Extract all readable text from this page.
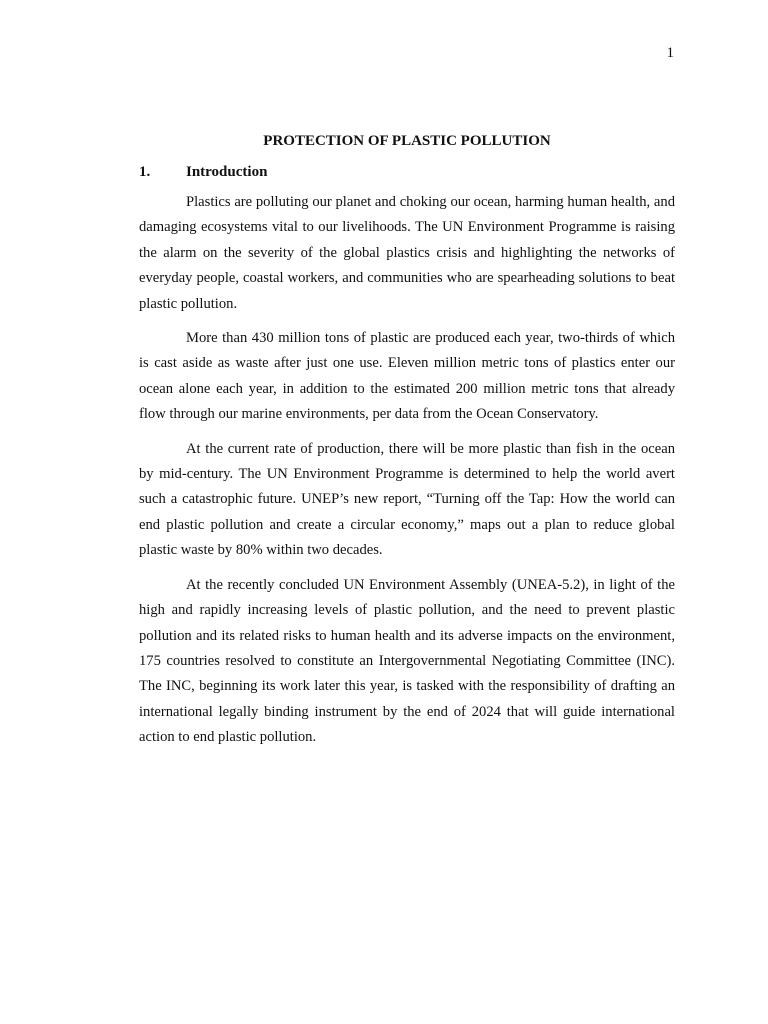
1

PROTECTION OF PLASTIC POLLUTION

1.	Introduction

Plastics are polluting our planet and choking our ocean, harming human health, and damaging ecosystems vital to our livelihoods. The UN Environment Programme is raising the alarm on the severity of the global plastics crisis and highlighting the networks of everyday people, coastal workers, and communities who are spearheading solutions to beat plastic pollution.

More than 430 million tons of plastic are produced each year, two-thirds of which is cast aside as waste after just one use. Eleven million metric tons of plastics enter our ocean alone each year, in addition to the estimated 200 million metric tons that already flow through our marine environments, per data from the Ocean Conservatory.

At the current rate of production, there will be more plastic than fish in the ocean by mid-century. The UN Environment Programme is determined to help the world avert such a catastrophic future. UNEP’s new report, “Turning off the Tap: How the world can end plastic pollution and create a circular economy,” maps out a plan to reduce global plastic waste by 80% within two decades.

At the recently concluded UN Environment Assembly (UNEA-5.2), in light of the high and rapidly increasing levels of plastic pollution, and the need to prevent plastic pollution and its related risks to human health and its adverse impacts on the environment, 175 countries resolved to constitute an Intergovernmental Negotiating Committee (INC). The INC, beginning its work later this year, is tasked with the responsibility of drafting an international legally binding instrument by the end of 2024 that will guide international action to end plastic pollution.
